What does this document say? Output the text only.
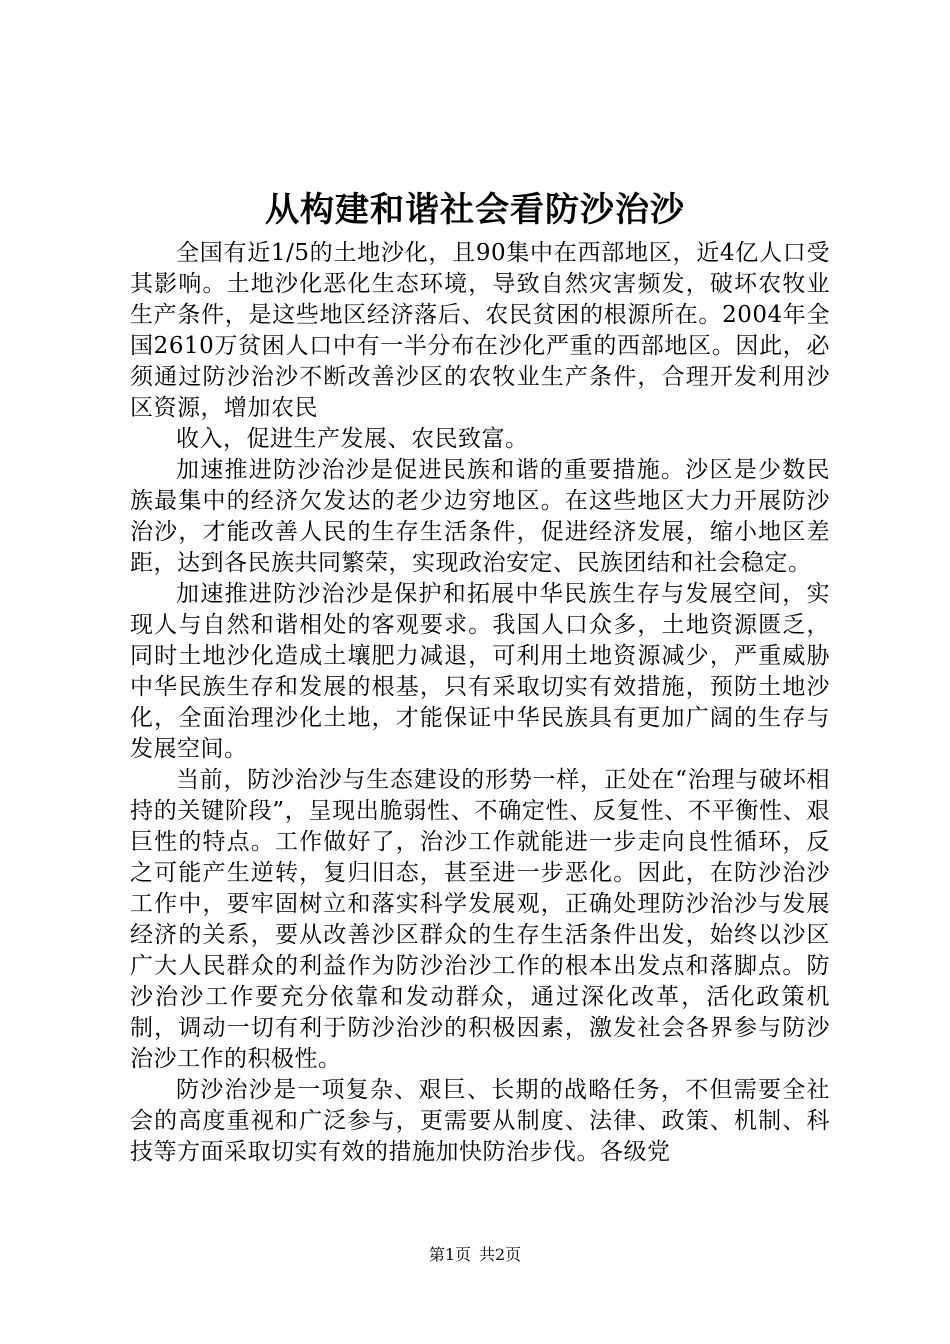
从构建和谐社会看防沙治沙

全国有近1/5的土地沙化，且90集中在西部地区，近4亿人口受其影响。土地沙化恶化生态环境，导致自然灾害频发，破坏农牧业生产条件，是这些地区经济落后、农民贫困的根源所在。2004年全国2610万贫困人口中有一半分布在沙化严重的西部地区。因此，必须通过防沙治沙不断改善沙区的农牧业生产条件，合理开发利用沙区资源，增加农民

收入，促进生产发展、农民致富。

加速推进防沙治沙是促进民族和谐的重要措施。沙区是少数民族最集中的经济欠发达的老少边穷地区。在这些地区大力开展防沙治沙，才能改善人民的生存生活条件，促进经济发展，缩小地区差距，达到各民族共同繁荣，实现政治安定、民族团结和社会稳定。

加速推进防沙治沙是保护和拓展中华民族生存与发展空间，实现人与自然和谐相处的客观要求。我国人口众多，土地资源匮乏，同时土地沙化造成土壤肥力减退，可利用土地资源减少，严重威胁中华民族生存和发展的根基，只有采取切实有效措施，预防土地沙化，全面治理沙化土地，才能保证中华民族具有更加广阔的生存与发展空间。

当前，防沙治沙与生态建设的形势一样，正处在“治理与破坏相持的关键阶段”，呈现出脆弱性、不确定性、反复性、不平衡性、艰巨性的特点。工作做好了，治沙工作就能进一步走向良性循环，反之可能产生逆转，复归旧态，甚至进一步恶化。因此，在防沙治沙工作中，要牢固树立和落实科学发展观，正确处理防沙治沙与发展经济的关系，要从改善沙区群众的生存生活条件出发，始终以沙区广大人民群众的利益作为防沙治沙工作的根本出发点和落脚点。防沙治沙工作要充分依靠和发动群众，通过深化改革，活化政策机制，调动一切有利于防沙治沙的积极因素，激发社会各界参与防沙治沙工作的积极性。

防沙治沙是一项复杂、艰巨、长期的战略任务，不但需要全社会的高度重视和广泛参与，更需要从制度、法律、政策、机制、科技等方面采取切实有效的措施加快防治步伐。各级党

第1页 共2页
